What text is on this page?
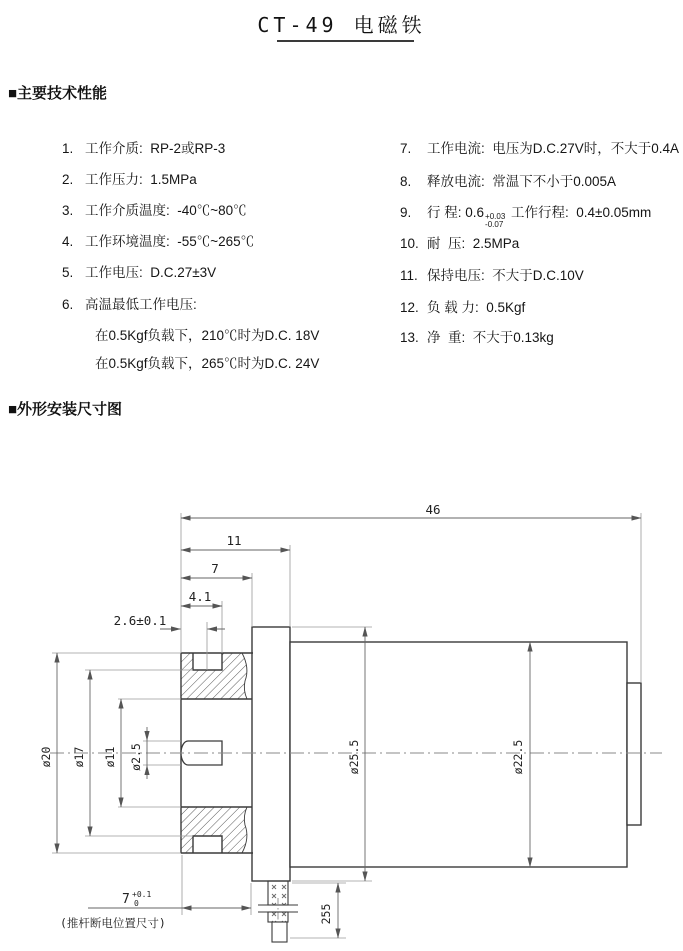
CT-49 电磁铁
■主要技术性能
1. 工作介质:  RP-2或RP-3
2. 工作压力:  1.5MPa
3. 工作介质温度:  -40℃~80℃
4. 工作环境温度:  -55℃~265℃
5. 工作电压:  D.C.27±3V
6. 高温最低工作电压:
在0.5Kgf负载下，210℃时为D.C. 18V
在0.5Kgf负载下，265℃时为D.C. 24V
7. 工作电流:  电压为D.C.27V时，不大于0.4A
8. 释放电流:  常温下不小于0.005A
9. 行 程: 0.6 +0.03
-0.07
工作行程:  0.4±0.05mm
10. 耐  压:  2.5MPa
11. 保持电压:  不大于D.C.10V
12. 负 载 力:  0.5Kgf
13. 净  重:  不大于0.13kg
■外形安装尺寸图
46
11
7
4.1
2.6±0.1
ø20 ø17 ø11 ø2.5	ø25.5	ø22.5
255
7 +0.1
0
(推杆断电位置尺寸)
